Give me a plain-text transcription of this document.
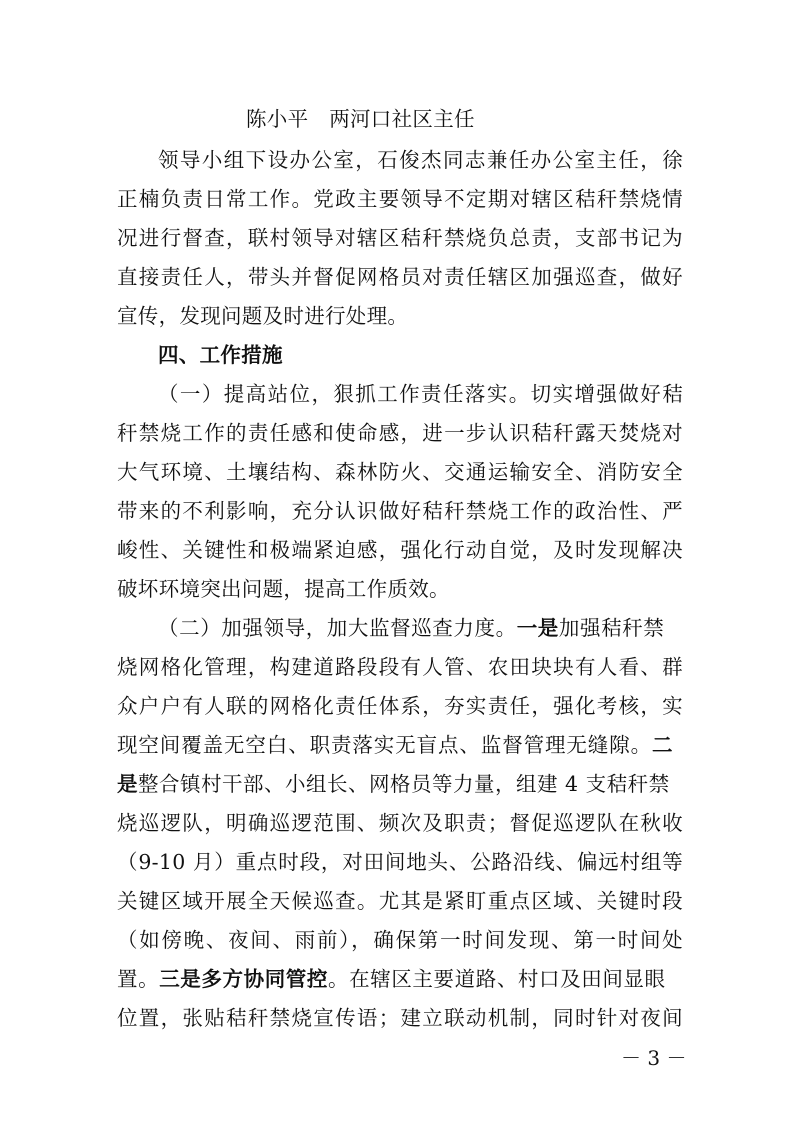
陈小平　两河口社区主任
领导小组下设办公室，石俊杰同志兼任办公室主任，徐
正楠负责日常工作。党政主要领导不定期对辖区秸秆禁烧情
况进行督查，联村领导对辖区秸秆禁烧负总责，支部书记为
直接责任人，带头并督促网格员对责任辖区加强巡查，做好
宣传，发现问题及时进行处理。
四、工作措施
（一）提高站位，狠抓工作责任落实。切实增强做好秸
秆禁烧工作的责任感和使命感，进一步认识秸秆露天焚烧对
大气环境、土壤结构、森林防火、交通运输安全、消防安全
带来的不利影响，充分认识做好秸秆禁烧工作的政治性、严
峻性、关键性和极端紧迫感，强化行动自觉，及时发现解决
破坏环境突出问题，提高工作质效。
（二）加强领导，加大监督巡查力度。一是加强秸秆禁
烧网格化管理，构建道路段段有人管、农田块块有人看、群
众户户有人联的网格化责任体系，夯实责任，强化考核，实
现空间覆盖无空白、职责落实无盲点、监督管理无缝隙。二
是整合镇村干部、小组长、网格员等力量，组建 4 支秸秆禁
烧巡逻队，明确巡逻范围、频次及职责；督促巡逻队在秋收
（9-10 月）重点时段，对田间地头、公路沿线、偏远村组等
关键区域开展全天候巡查。尤其是紧盯重点区域、关键时段
（如傍晚、夜间、雨前），确保第一时间发现、第一时间处
置。三是多方协同管控。在辖区主要道路、村口及田间显眼
位置，张贴秸秆禁烧宣传语；建立联动机制，同时针对夜间
－ 3 －
